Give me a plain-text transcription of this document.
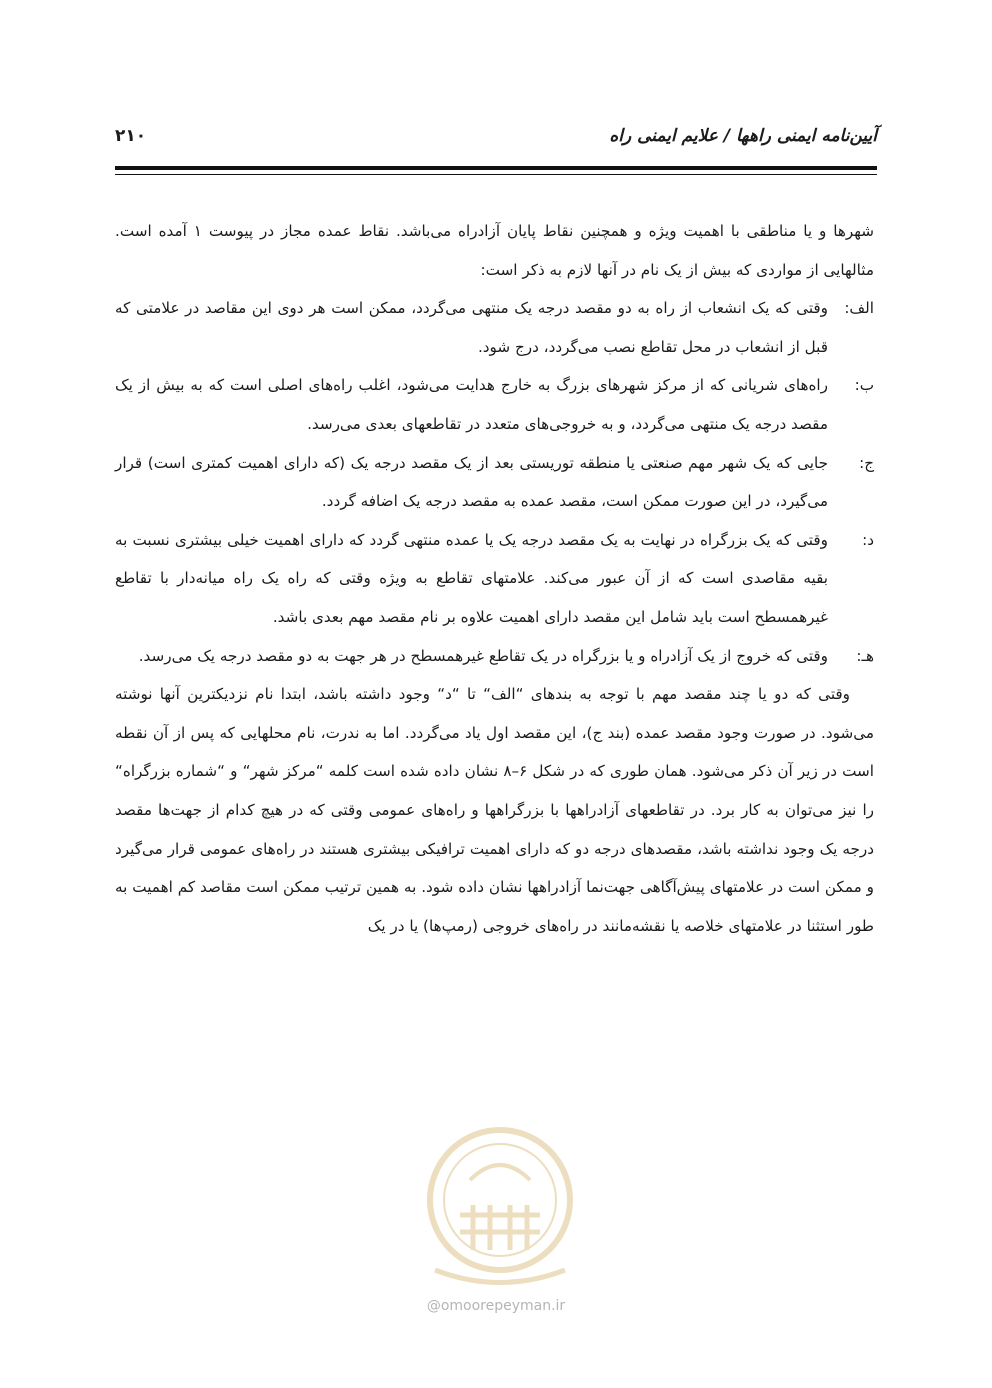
آیین‌نامه ایمنی راهها / علایم ایمنی راه
۲۱۰

شهرها و یا مناطقی با اهمیت ویژه و همچنین نقاط پایان آزادراه می‌باشد. نقاط عمده مجاز در پیوست ۱ آمده است. مثالهایی از مواردی که بیش از یک نام در آنها لازم به ذکر است:

الف:
وقتی که یک انشعاب از راه به دو مقصد درجه یک منتهی می‌گردد، ممکن است هر دوی این مقاصد در علامتی که قبل از انشعاب در محل تقاطع نصب می‌گردد، درج شود.

ب:
راه‌های شریانی که از مرکز شهرهای بزرگ به خارج هدایت می‌شود، اغلب راه‌های اصلی است که به بیش از یک مقصد درجه یک منتهی می‌گردد، و به خروجی‌های متعدد در تقاطعهای بعدی می‌رسد.

ج:
جایی که یک شهر مهم صنعتی یا منطقه توریستی بعد از یک مقصد درجه یک (که دارای اهمیت کمتری است) قرار می‌گیرد، در این صورت ممکن است، مقصد عمده به مقصد درجه یک اضافه گردد.

د:
وقتی که یک بزرگراه در نهایت به یک مقصد درجه یک یا عمده منتهی گردد که دارای اهمیت خیلی بیشتری نسبت به بقیه مقاصدی است که از آن عبور می‌کند. علامتهای تقاطع به ویژه وقتی که راه یک راه میانه‌دار با تقاطع غیرهمسطح است باید شامل این مقصد دارای اهمیت علاوه بر نام مقصد مهم بعدی باشد.

هـ:
وقتی که خروج از یک آزادراه و یا بزرگراه در یک تقاطع غیرهمسطح در هر جهت به دو مقصد درجه یک می‌رسد.

وقتی که دو یا چند مقصد مهم با توجه به بندهای “الف“ تا “د“ وجود داشته باشد، ابتدا نام نزدیکترین آنها نوشته می‌شود. در صورت وجود مقصد عمده (بند ج)، این مقصد اول یاد می‌گردد. اما به ندرت، نام محلهایی که پس از آن نقطه است در زیر آن ذکر می‌شود. همان طوری که در شکل ۶–۸ نشان داده شده است کلمه “مرکز شهر“ و “شماره بزرگراه“ را نیز می‌توان به کار برد. در تقاطعهای آزادراهها با بزرگراهها و راه‌های عمومی وقتی که در هیچ کدام از جهت‌ها مقصد درجه یک وجود نداشته باشد، مقصدهای درجه دو که دارای اهمیت ترافیکی بیشتری هستند در راه‌های عمومی قرار می‌گیرد و ممکن است در علامتهای پیش‌آگاهی جهت‌نما آزادراهها نشان داده شود. به همین ترتیب ممکن است مقاصد کم اهمیت به طور استثنا در علامتهای خلاصه یا نقشه‌مانند در راه‌های خروجی (رمپ‌ها) یا در یک

@omoorepeyman.ir
